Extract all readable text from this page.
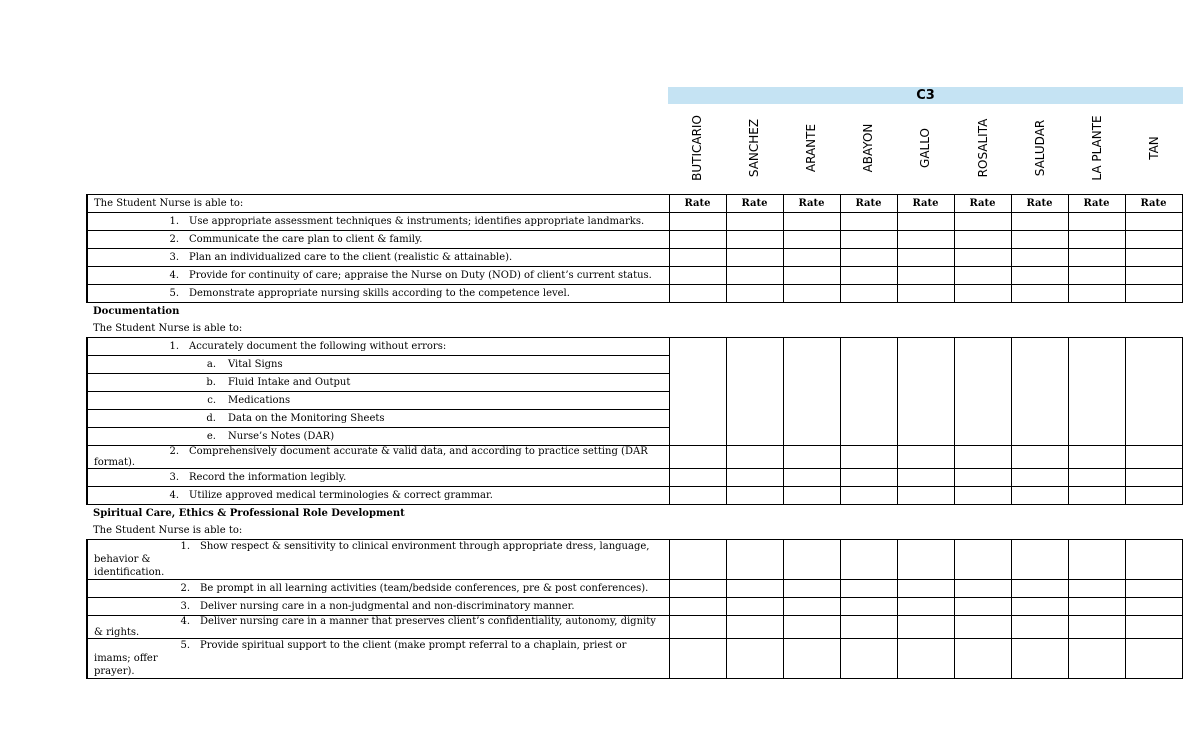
C3
BUTICARIO	SANCHEZ	ARANTE	ABAYON	GALLO	ROSALITA	SALUDAR	LA PLANTE	TAN
The Student Nurse is able to:	Rate	Rate	Rate	Rate	Rate	Rate	Rate	Rate	Rate
1. Use appropriate assessment techniques & instruments; identifies appropriate landmarks.									
2. Communicate the care plan to client & family.									
3. Plan an individualized care to the client (realistic & attainable).									
4. Provide for continuity of care; appraise the Nurse on Duty (NOD) of client’s current status.									
5. Demonstrate appropriate nursing skills according to the competence level.									
Documentation									
The Student Nurse is able to:									
1. Accurately document the following without errors:									
a. Vital Signs									
b. Fluid Intake and Output									
c. Medications									
d. Data on the Monitoring Sheets									
e. Nurse’s Notes (DAR)									
2. Comprehensively document accurate & valid data, and according to practice setting (DAR format).									
3. Record the information legibly.									
4. Utilize approved medical terminologies & correct grammar.									
Spiritual Care, Ethics & Professional Role Development									
The Student Nurse is able to:									
1. Show respect & sensitivity to clinical environment through appropriate dress, language, behavior &
identification.									
2. Be prompt in all learning activities (team/bedside conferences, pre & post conferences).									
3. Deliver nursing care in a non-judgmental and non-discriminatory manner.									
4. Deliver nursing care in a manner that preserves client’s confidentiality, autonomy, dignity & rights.									
5. Provide spiritual support to the client (make prompt referral to a chaplain, priest or imams; offer
prayer).									
